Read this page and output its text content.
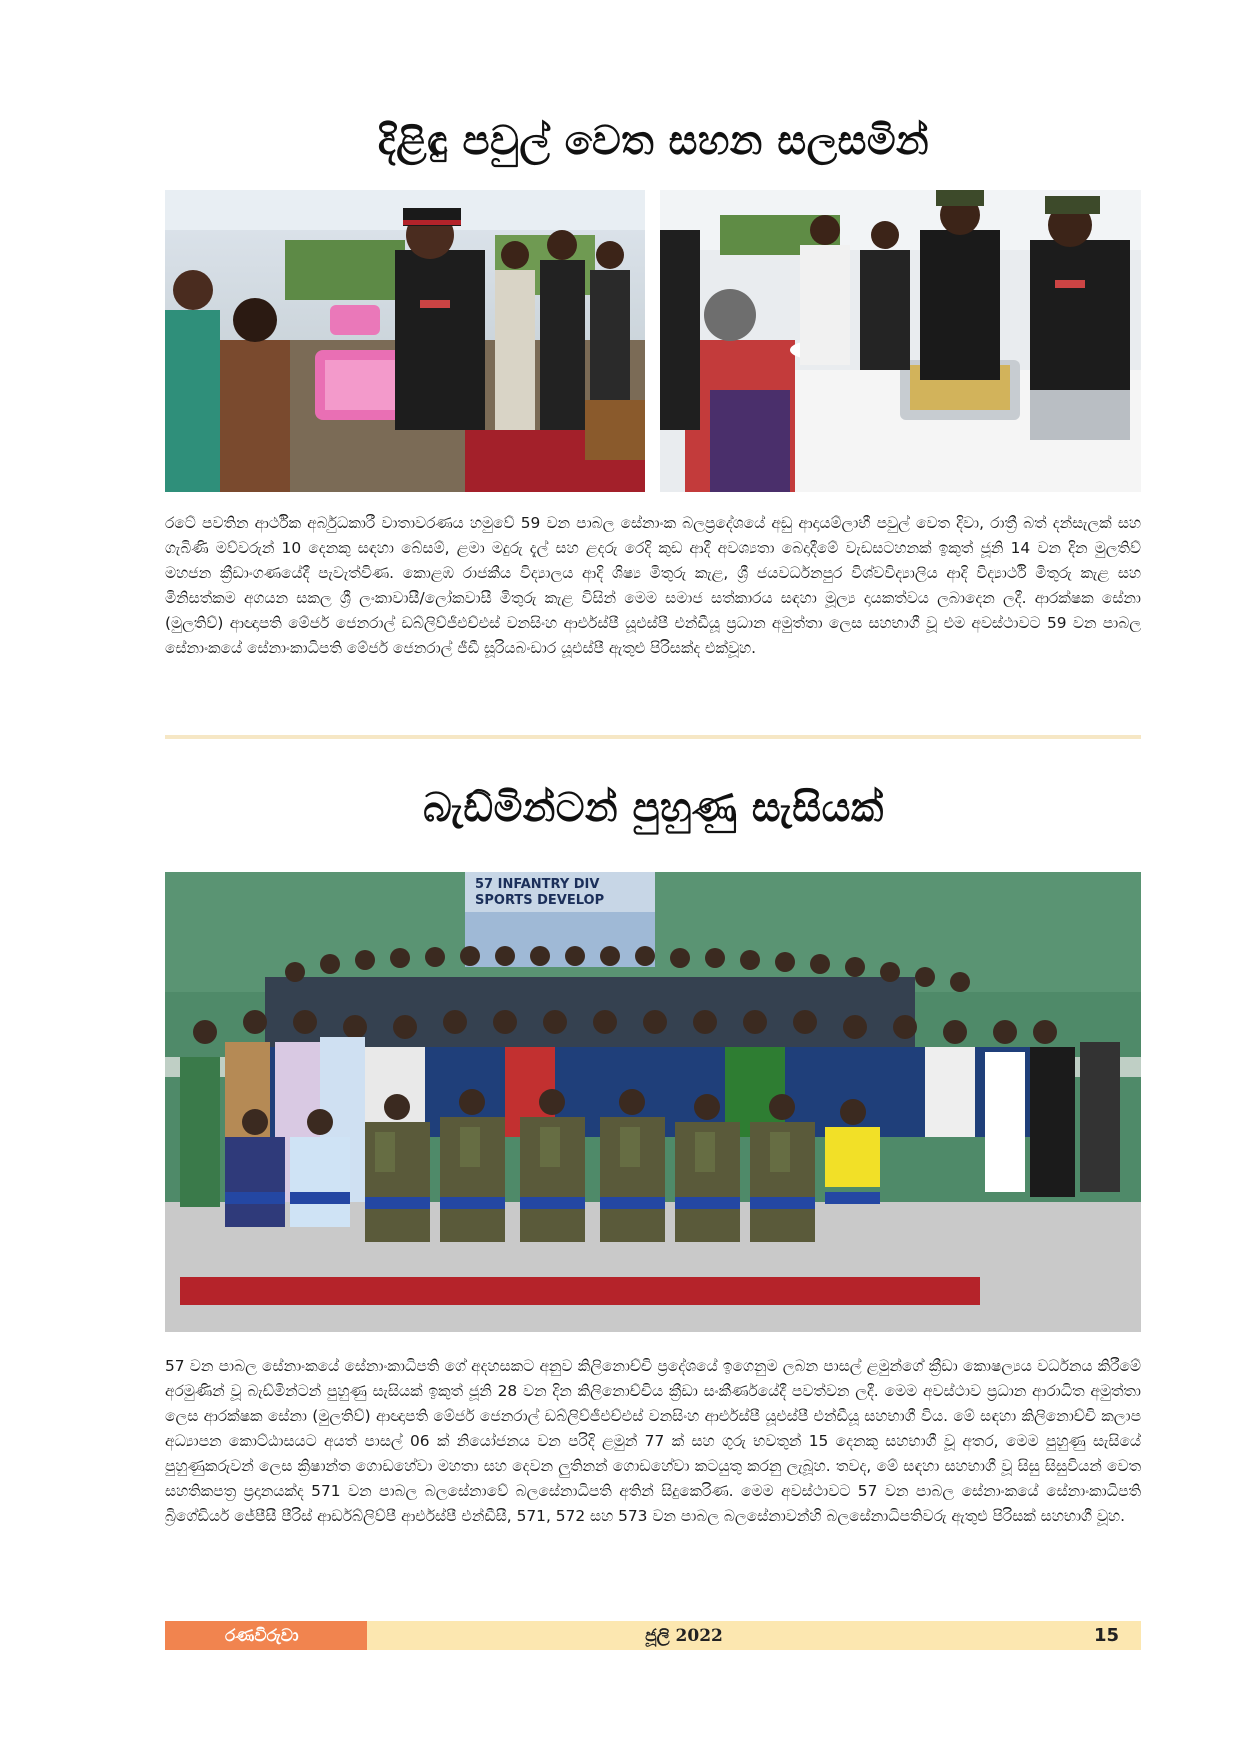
දිළිඳු පවුල් වෙත සහන සලසමින්
රටේ පවතින ආර්ථික අර්බුධකාරී වාතාවරණය හමුවේ 59 වන පාබල සේනාංක බලප්‍රදේශයේ අඩු ආදායම්ලාභී පවුල් වෙත දිවා, රාත්‍රී බත් දන්සැලක් සහ ගැබිණි මව්වරුන් 10 දෙනකු සඳහා බේසම්, ළමා මදුරු දැල් සහ ළදරු රෙදි කුඩ ආදී අවශ්‍යතා බෙදාදීමේ වැඩසටහනක් ඉකුත් ජූනි 14 වන දින මුලතිව් මහජන ක්‍රීඩාංගණයේදී පැවැත්විණ. කොළඹ රාජකීය විද්‍යාලය ආදි ශිෂ්‍ය මිතුරු කැළ, ශ්‍රී ජයවර්ධනපුර විශ්වවිද්‍යාලිය ආදි විද්‍යාර්ථි මිතුරු කැළ සහ මිනිසත්කම අගයන සකල ශ්‍රී ලංකාවාසී/ලෝකවාසී මිතුරු කැළ විසින් මෙම සමාජ සත්කාරය සඳහා මූල්‍ය දායකත්වය ලබාදෙන ලදී. ආරක්ෂක සේනා (මුලතිව්) ආඥාපති මේජර් ජෙනරාල් ඩබ්ලිව්ජීඑච්එස් වනසිංහ ආර්එස්පී යූඑස්පී එන්ඩීයූ ප්‍රධාන අමුත්තා ලෙස සහභාගී වූ එම අවස්ථාවට 59 වන පාබල සේනාංකයේ සේනාංකාධිපති මේජර් ජෙනරාල් ජීඩී සූරියබංඩාර යූඑස්පී ඇතුළු පිරිසක්ද එක්වූහ.
බැඩ්මින්ටන් පුහුණු සැසියක්
57 INFANTRY DIV
SPORTS DEVELOP
57 වන පාබල සේනාංකයේ සේනාංකාධිපති ගේ අදහසකට අනුව කිලිනොච්චි ප්‍රදේශයේ ඉගෙනුම ලබන පාසල් ළමුන්ගේ ක්‍රීඩා කොෂල්‍යය වර්ධනය කිරීමේ අරමුණින් වූ බැඩ්මින්ටන් පුහුණු සැසියක් ඉකුත් ජූනි 28 වන දින කිලිනොච්චිය ක්‍රීඩා සංකීර්ණයේදී පවත්වන ලදී. මෙම අවස්ථාව ප්‍රධාන ආරාධිත අමුත්තා ලෙස ආරක්ෂක සේනා (මුලතිව්) ආඥාපති මේජර් ජෙනරාල් ඩබ්ලිව්ජීඑච්එස් වනසිංහ ආර්එස්පී යූඑස්පී එන්ඩීයූ සහභාගී විය. මේ සඳහා කිලිනොච්චි කලාප අධ්‍යාපන කොට්ඨාසයට අයත් පාසල් 06 ක් නියෝජනය වන පරිදි ළමුන් 77 ක් සහ ගුරු භවතුන් 15 දෙනකු සහභාගී වූ අතර, මෙම පුහුණු සැසියේ පුහුණුකරුවන් ලෙස ක්‍රිෂාන්ත ගොඩහේවා මහතා සහ දෙවන ලුතිනන් ගොඩහේවා කටයුතු කරනු ලැබූහ. තවද, මේ සඳහා සහභාගී වූ සිසු සිසුවියන් වෙත සහතිකපත්‍ර ප්‍රදානයක්ද 571 වන පාබල බලසේනාවේ බලසේනාධිපති අතින් සිදුකෙරිණ. මෙම අවස්ථාවට 57 වන පාබල සේනාංකයේ සේනාංකාධිපති බ්‍රිගේඩියර් ජේපීසී පීරිස් ආර්ඩබ්ලිව්පී ආර්එස්පී එන්ඩීසී, 571, 572 සහ 573 වන පාබල බලසේනාවන්හි බලසේනාධිපතිවරු ඇතුළු පිරිසක් සහභාගී වූහ.
රණවිරුවා	ජූලි 2022	15
